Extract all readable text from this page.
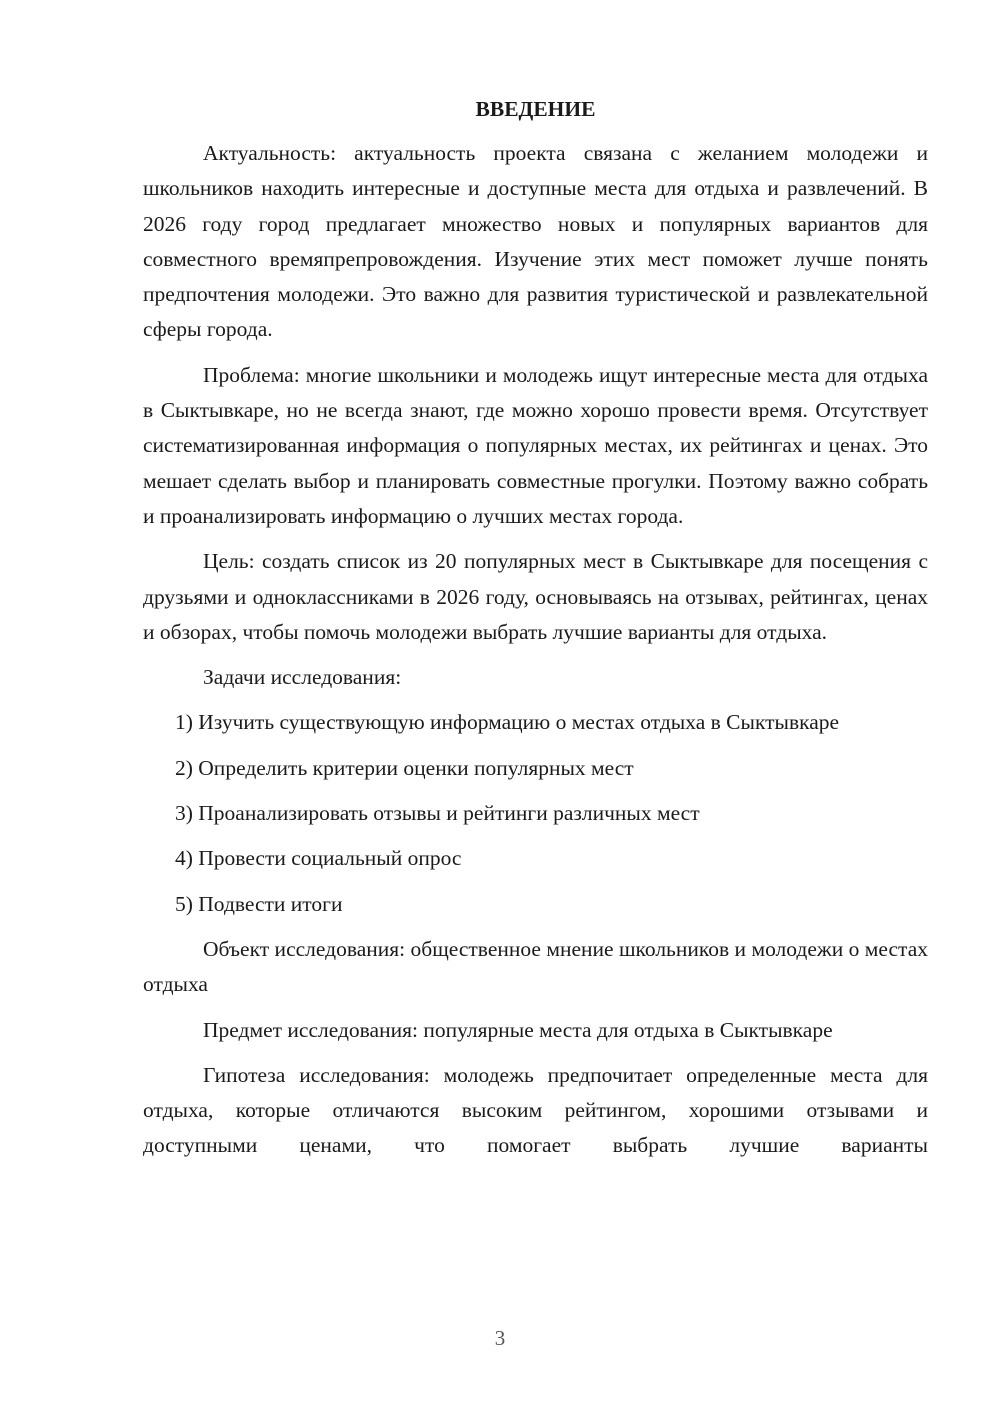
ВВЕДЕНИЕ

Актуальность: актуальность проекта связана с желанием молодежи и школьников находить интересные и доступные места для отдыха и развлечений. В 2026 году город предлагает множество новых и популярных вариантов для совместного времяпрепровождения. Изучение этих мест поможет лучше понять предпочтения молодежи. Это важно для развития туристической и развлекательной сферы города.

Проблема: многие школьники и молодежь ищут интересные места для отдыха в Сыктывкаре, но не всегда знают, где можно хорошо провести время. Отсутствует систематизированная информация о популярных местах, их рейтингах и ценах. Это мешает сделать выбор и планировать совместные прогулки. Поэтому важно собрать и проанализировать информацию о лучших местах города.

Цель: создать список из 20 популярных мест в Сыктывкаре для посещения с друзьями и одноклассниками в 2026 году, основываясь на отзывах, рейтингах, ценах и обзорах, чтобы помочь молодежи выбрать лучшие варианты для отдыха.

Задачи исследования:

1) Изучить существующую информацию о местах отдыха в Сыктывкаре

2) Определить критерии оценки популярных мест

3) Проанализировать отзывы и рейтинги различных мест

4) Провести социальный опрос

5) Подвести итоги

Объект исследования: общественное мнение школьников и молодежи о местах отдыха

Предмет исследования: популярные места для отдыха в Сыктывкаре

Гипотеза исследования: молодежь предпочитает определенные места для отдыха, которые отличаются высоким рейтингом, хорошими отзывами и доступными ценами, что помогает выбрать лучшие варианты

3
